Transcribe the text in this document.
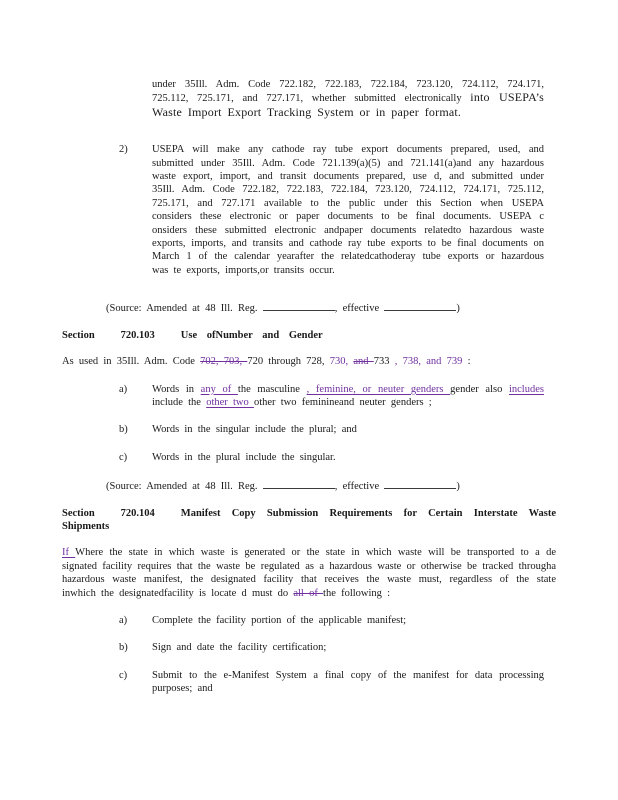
under 35Ill. Adm. Code 722.182, 722.183, 722.184, 723.120, 724.112, 724.171, 725.112, 725.171, and 727.171, whether submitted electronically into USEPA’s Waste Import Export Tracking System or in paper format.
2) USEPA will make any cathode ray tube export documents prepared, used, and submitted under 35Ill. Adm. Code 721.139(a)(5) and 721.141(a)and any hazardous waste export, import, and transit documents prepared, use d, and submitted under 35Ill. Adm. Code 722.182, 722.183, 722.184, 723.120, 724.112, 724.171, 725.112, 725.171, and 727.171 available to the public under this Section when USEPA considers these electronic or paper documents to be final documents. USEPA c onsiders these submitted electronic andpaper documents relatedto hazardous waste exports, imports, and transits and cathode ray tube exports to be final documents on March 1 of the calendar yearafter the relatedcathoderay tube exports or hazardous was te exports, imports,or transits occur.
(Source: Amended at 48 Ill. Reg.	, effective	)
Section 720.103 Use ofNumber and Gender
As used in 35Ill. Adm. Code 702, 703, 720 through 728, 730, and 733 , 738, and 739 :
a) Words in any of the masculine , feminine, or neuter genders gender also includes include the other two other two feminineand neuter genders ;
b) Words in the singular include the plural; and
c) Words in the plural include the singular.
(Source: Amended at 48 Ill. Reg.	, effective	)
Section 720.104 Manifest Copy Submission Requirements for Certain Interstate Waste Shipments
If Where the state in which waste is generated or the state in which waste will be transported to a de signated facility requires that the waste be regulated as a hazardous waste or otherwise be tracked througha hazardous waste manifest, the designated facility that receives the waste must, regardless of the state inwhich the designatedfacility is locate d must do all of the following :
a) Complete the facility portion of the applicable manifest;
b) Sign and date the facility certification;
c) Submit to the e-Manifest System a final copy of the manifest for data processing purposes; and
